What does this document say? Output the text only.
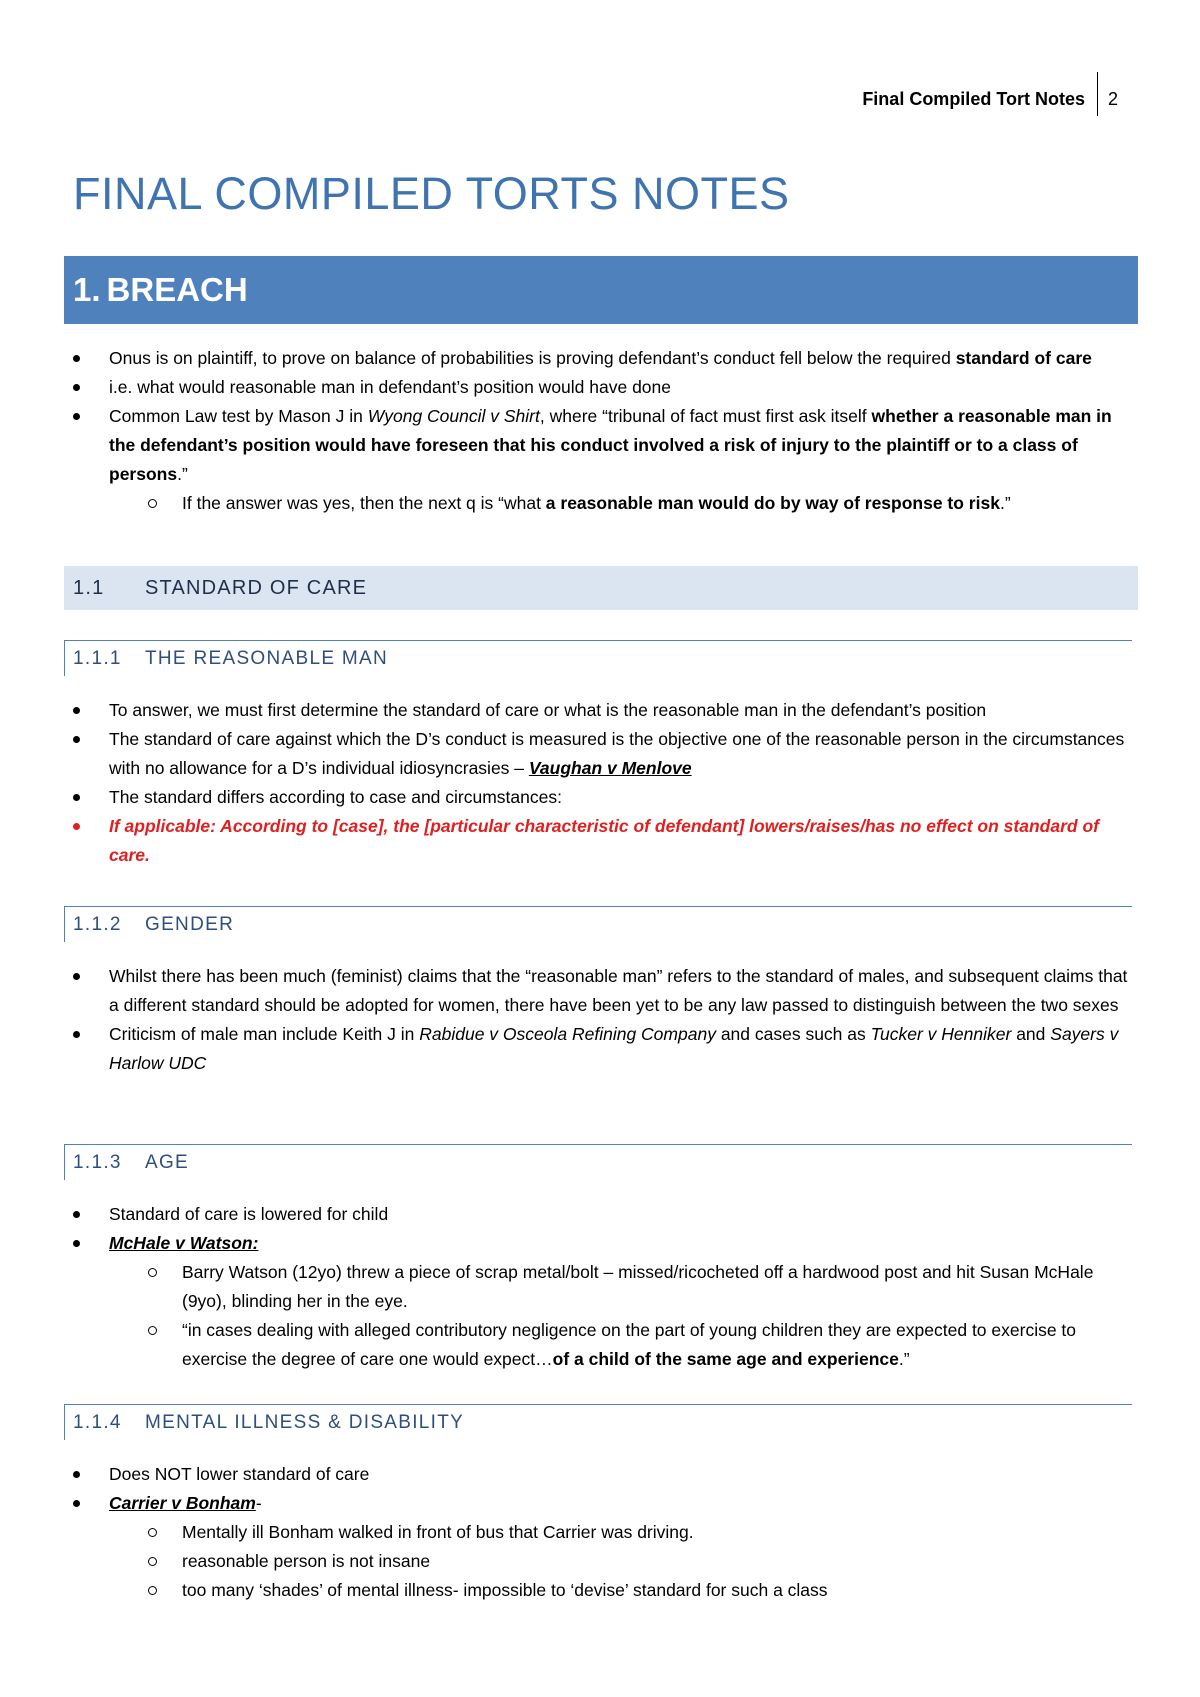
Final Compiled Tort Notes	2
FINAL COMPILED TORTS NOTES
1. BREACH
Onus is on plaintiff, to prove on balance of probabilities is proving defendant’s conduct fell below the required standard of care
i.e. what would reasonable man in defendant’s position would have done
Common Law test by Mason J in Wyong Council v Shirt, where “tribunal of fact must first ask itself whether a reasonable man in the defendant’s position would have foreseen that his conduct involved a risk of injury to the plaintiff or to a class of persons.”
If the answer was yes, then the next q is “what a reasonable man would do by way of response to risk.”
1.1	STANDARD OF CARE
1.1.1	THE REASONABLE MAN
To answer, we must first determine the standard of care or what is the reasonable man in the defendant’s position
The standard of care against which the D’s conduct is measured is the objective one of the reasonable person in the circumstances with no allowance for a D’s individual idiosyncrasies – Vaughan v Menlove
The standard differs according to case and circumstances:
If applicable: According to [case], the [particular characteristic of defendant] lowers/raises/has no effect on standard of care.
1.1.2	GENDER
Whilst there has been much (feminist) claims that the “reasonable man” refers to the standard of males, and subsequent claims that a different standard should be adopted for women, there have been yet to be any law passed to distinguish between the two sexes
Criticism of male man include Keith J in Rabidue v Osceola Refining Company and cases such as Tucker v Henniker and Sayers v Harlow UDC
1.1.3	AGE
Standard of care is lowered for child
McHale v Watson:
Barry Watson (12yo) threw a piece of scrap metal/bolt – missed/ricocheted off a hardwood post and hit Susan McHale (9yo), blinding her in the eye.
“in cases dealing with alleged contributory negligence on the part of young children they are expected to exercise to exercise the degree of care one would expect…of a child of the same age and experience.”
1.1.4	MENTAL ILLNESS & DISABILITY
Does NOT lower standard of care
Carrier v Bonham-
Mentally ill Bonham walked in front of bus that Carrier was driving.
reasonable person is not insane
too many ‘shades’ of mental illness- impossible to ‘devise’ standard for such a class
